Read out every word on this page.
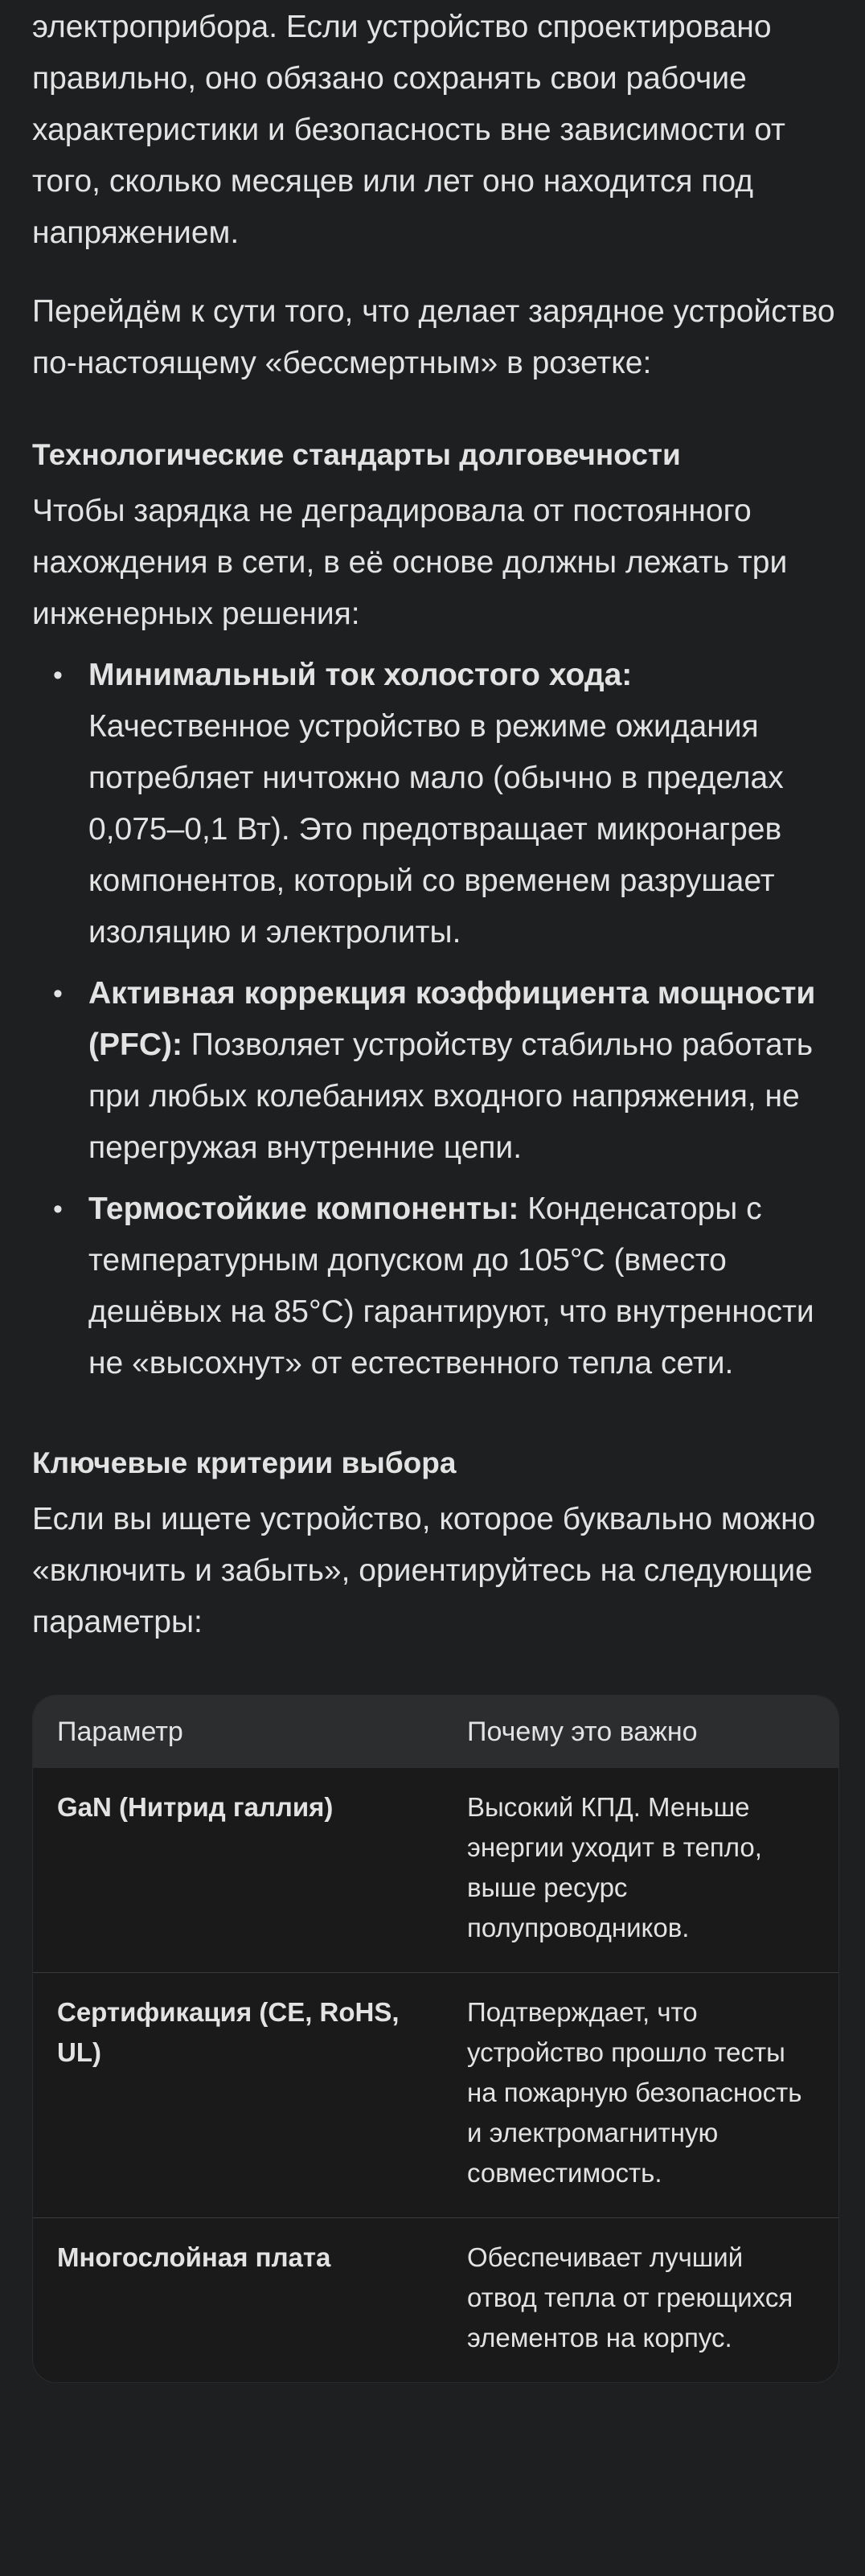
электроприбора. Если устройство спроектировано правильно, оно обязано сохранять свои рабочие характеристики и безопасность вне зависимости от того, сколько месяцев или лет оно находится под напряжением.

Перейдём к сути того, что делает зарядное устройство по-настоящему «бессмертным» в розетке:

Технологические стандарты долговечности

Чтобы зарядка не деградировала от постоянного нахождения в сети, в её основе должны лежать три инженерных решения:

• Минимальный ток холостого хода: Качественное устройство в режиме ожидания потребляет ничтожно мало (обычно в пределах 0,075–0,1 Вт). Это предотвращает микронагрев компонентов, который со временем разрушает изоляцию и электролиты.
• Активная коррекция коэффициента мощности (PFC): Позволяет устройству стабильно работать при любых колебаниях входного напряжения, не перегружая внутренние цепи.
• Термостойкие компоненты: Конденсаторы с температурным допуском до 105°C (вместо дешёвых на 85°C) гарантируют, что внутренности не «высохнут» от естественного тепла сети.
Ключевые критерии выбора

Если вы ищете устройство, которое буквально можно «включить и забыть», ориентируйтесь на следующие параметры:

Параметр	Почему это важно
GaN (Нитрид галлия)	Высокий КПД. Меньше энергии уходит в тепло, выше ресурс полупроводников.
Сертификация (CE, RoHS, UL)	Подтверждает, что устройство прошло тесты на пожарную безопасность и электромагнитную совместимость.
Многослойная плата	Обеспечивает лучший отвод тепла от греющихся элементов на корпус.
